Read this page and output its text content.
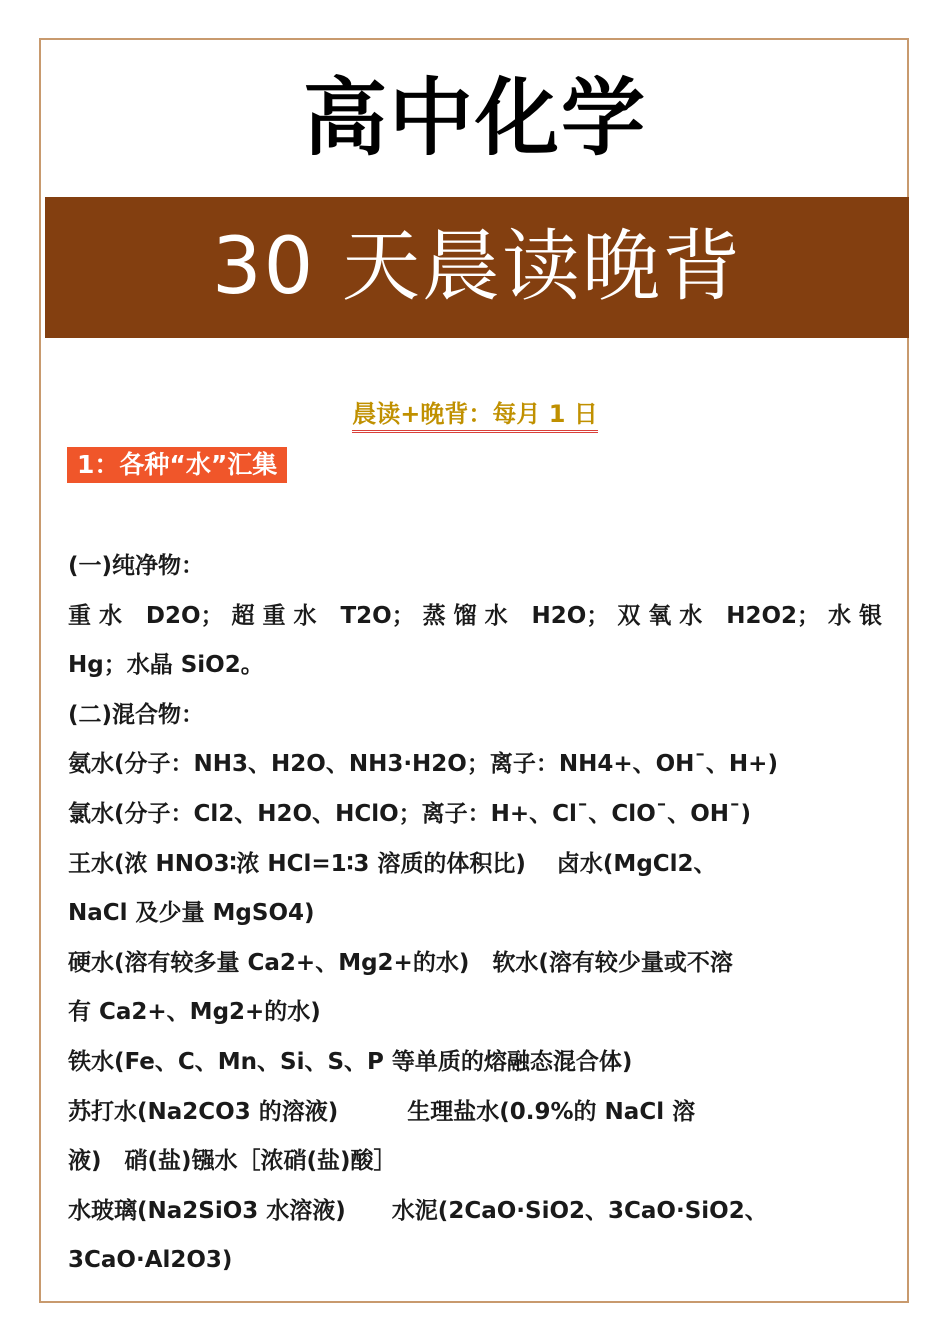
高中化学
30 天晨读晚背
晨读+晚背：每月 1 日
1：各种“水”汇集
(一)纯净物：
重水 D2O；超重水 T2O；蒸馏水 H2O；双氧水 H2O2；水银
Hg；水晶 SiO2。
(二)混合物：
氨水(分子：NH3、H2O、NH3·H2O；离子：NH4+、OH¯、H+)
氯水(分子：Cl2、H2O、HClO；离子：H+、Cl¯、ClO¯、OH¯)
王水(浓 HNO3∶浓 HCl=1∶3 溶质的体积比)　 卤水(MgCl2、
NaCl 及少量 MgSO4)
硬水(溶有较多量 Ca2+、Mg2+的水)　软水(溶有较少量或不溶
有 Ca2+、Mg2+的水)
铁水(Fe、C、Mn、Si、S、P 等单质的熔融态混合体)
苏打水(Na2CO3 的溶液)　　　生理盐水(0.9%的 NaCl 溶
液)　硝(盐)镪水［浓硝(盐)酸］
水玻璃(Na2SiO3 水溶液)　　水泥(2CaO·SiO2、3CaO·SiO2、
3CaO·Al2O3)
